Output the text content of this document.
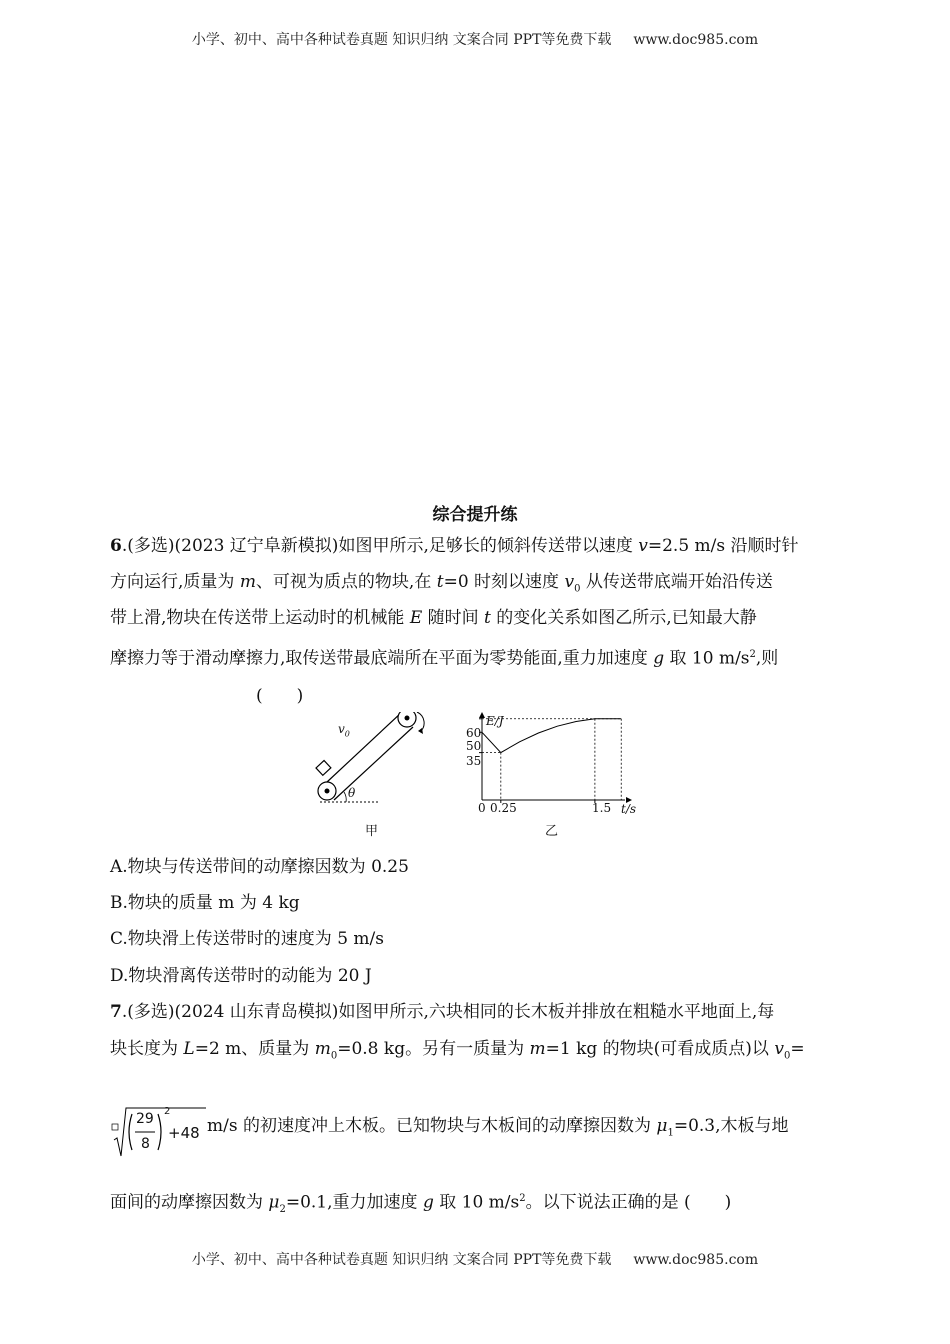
小学、初中、高中各种试卷真题 知识归纳 文案合同 PPT等免费下载 www.doc985.com
综合提升练
6.(多选)(2023 辽宁阜新模拟)如图甲所示,足够长的倾斜传送带以速度 v=2.5 m/s 沿顺时针
方向运行,质量为 m、可视为质点的物块,在 t=0 时刻以速度 $v_0$ 从传送带底端开始沿传送
带上滑,物块在传送带上运动时的机械能 E 随时间 t 的变化关系如图乙所示,已知最大静
摩擦力等于滑动摩擦力,取传送带最底端所在平面为零势能面,重力加速度 g 取 10 $m/s^2$,则
(　　)
$v_0$
θ
E/J
t/s
0
60
50
35
0.25	1.5
甲	乙
A.物块与传送带间的动摩擦因数为 0.25
B.物块的质量 m 为 4 kg
C.物块滑上传送带时的速度为 5 m/s
D.物块滑离传送带时的动能为 20 J
7.(多选)(2024 山东青岛模拟)如图甲所示,六块相同的长木板并排放在粗糙水平地面上,每
块长度为 L=2 m、质量为 $m_0=0.8$ kg。另有一质量为 m=1 kg 的物块(可看成质点)以 $v_0=$
29
8
2
+48 m/s 的初速度冲上木板。已知物块与木板间的动摩擦因数为 $\mu_1=0.3$,木板与地
面间的动摩擦因数为 $\mu_2=0.1$,重力加速度 g 取 10 $m/s^2$。以下说法正确的是 (　　)
小学、初中、高中各种试卷真题 知识归纳 文案合同 PPT等免费下载 www.doc985.com
